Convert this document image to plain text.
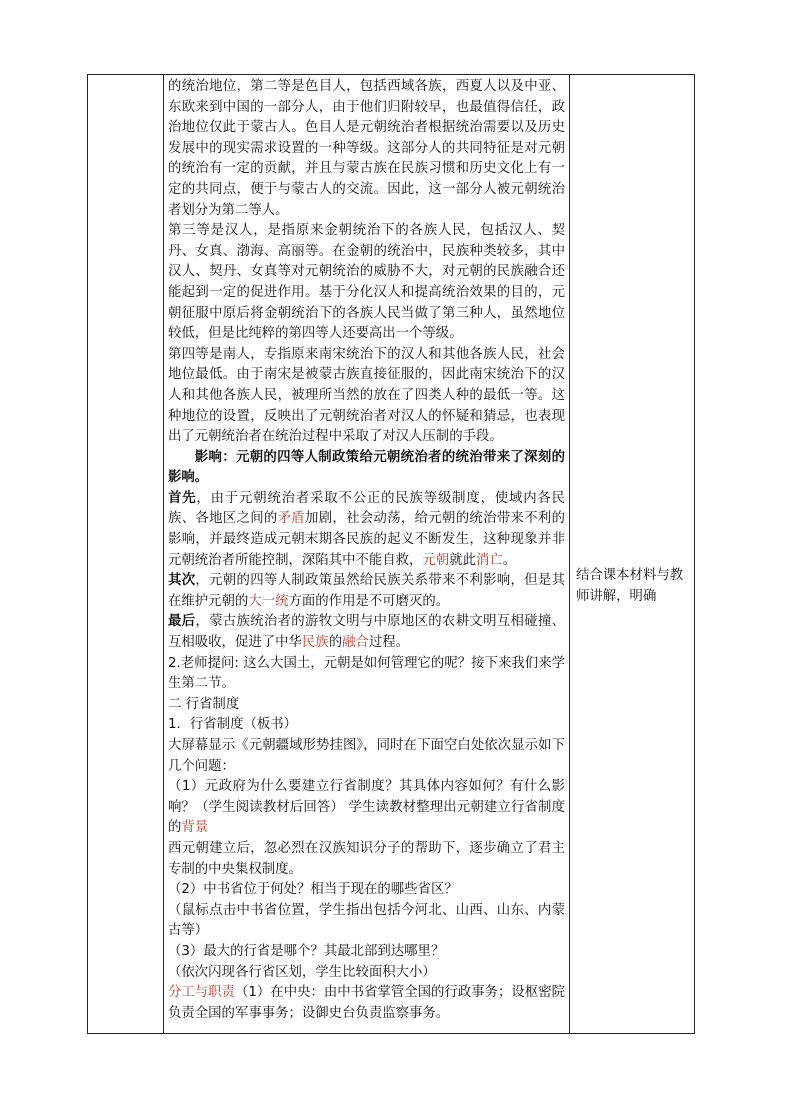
的统治地位，第二等是色目人，包括西域各族，西夏人以及中亚、东欧来到中国的一部分人，由于他们归附较早，也最值得信任，政治地位仅此于蒙古人。色目人是元朝统治者根据统治需要以及历史发展中的现实需求设置的一种等级。这部分人的共同特征是对元朝的统治有一定的贡献，并且与蒙古族在民族习惯和历史文化上有一定的共同点，便于与蒙古人的交流。因此，这一部分人被元朝统治者划分为第二等人。

第三等是汉人，是指原来金朝统治下的各族人民，包括汉人、契丹、女真、渤海、高丽等。在金朝的统治中，民族种类较多，其中汉人、契丹、女真等对元朝统治的威胁不大，对元朝的民族融合还能起到一定的促进作用。基于分化汉人和提高统治效果的目的，元朝征服中原后将金朝统治下的各族人民当做了第三种人，虽然地位较低，但是比纯粹的第四等人还要高出一个等级。

第四等是南人，专指原来南宋统治下的汉人和其他各族人民，社会地位最低。由于南宋是被蒙古族直接征服的，因此南宋统治下的汉人和其他各族人民，被理所当然的放在了四类人种的最低一等。这种地位的设置，反映出了元朝统治者对汉人的怀疑和猜忌，也表现出了元朝统治者在统治过程中采取了对汉人压制的手段。

影响：元朝的四等人制政策给元朝统治者的统治带来了深刻的影响。

首先，由于元朝统治者采取不公正的民族等级制度，使域内各民族、各地区之间的矛盾加剧，社会动荡，给元朝的统治带来不利的影响，并最终造成元朝末期各民族的起义不断发生，这种现象并非元朝统治者所能控制，深陷其中不能自救，元朝就此消亡。

其次，元朝的四等人制政策虽然给民族关系带来不利影响，但是其在维护元朝的大一统方面的作用是不可磨灭的。

最后，蒙古族统治者的游牧文明与中原地区的农耕文明互相碰撞、互相吸收，促进了中华民族的融合过程。

2.老师提问: 这么大国土，元朝是如何管理它的呢？接下来我们来学生第二节。

二 行省制度

1．行省制度（板书）

大屏幕显示《元朝疆域形势挂图》，同时在下面空白处依次显示如下几个问题：

（1）元政府为什么要建立行省制度？其具体内容如何？有什么影响？（学生阅读教材后回答） 学生读教材整理出元朝建立行省制度的背景

西元朝建立后，忽必烈在汉族知识分子的帮助下，逐步确立了君主专制的中央集权制度。

（2）中书省位于何处？相当于现在的哪些省区？

（鼠标点击中书省位置，学生指出包括今河北、山西、山东、内蒙古等）

（3）最大的行省是哪个？其最北部到达哪里？

（依次闪现各行省区划，学生比较面积大小）

分工与职责（1）在中央：由中书省掌管全国的行政事务；设枢密院负责全国的军事事务；设御史台负责监察事务。

结合课本材料与教师讲解，明确
